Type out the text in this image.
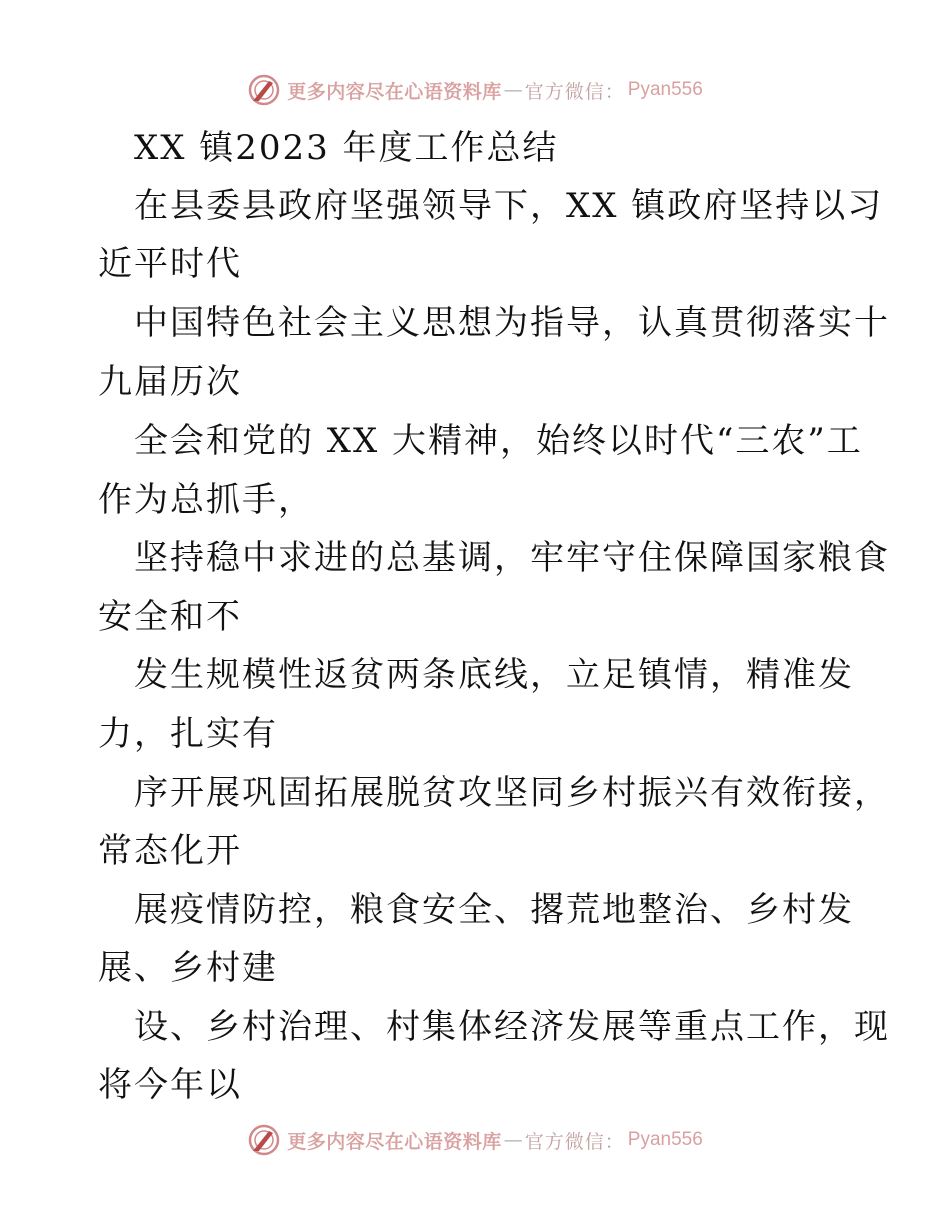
更多内容尽在心语资料库 — 官方微信 ： Pyan556
XX 镇2023 年度工作总结
在县委县政府坚强领导下，XX 镇政府坚持以习
近平时代
中国特色社会主义思想为指导，认真贯彻落实十
九届历次
全会和党的 XX 大精神，始终以时代“三农”工
作为总抓手，
坚持稳中求进的总基调，牢牢守住保障国家粮食
安全和不
发生规模性返贫两条底线，立足镇情，精准发
力，扎实有
序开展巩固拓展脱贫攻坚同乡村振兴有效衔接，
常态化开
展疫情防控，粮食安全、撂荒地整治、乡村发
展、乡村建
设、乡村治理、村集体经济发展等重点工作，现
将今年以
更多内容尽在心语资料库 — 官方微信 ： Pyan556
